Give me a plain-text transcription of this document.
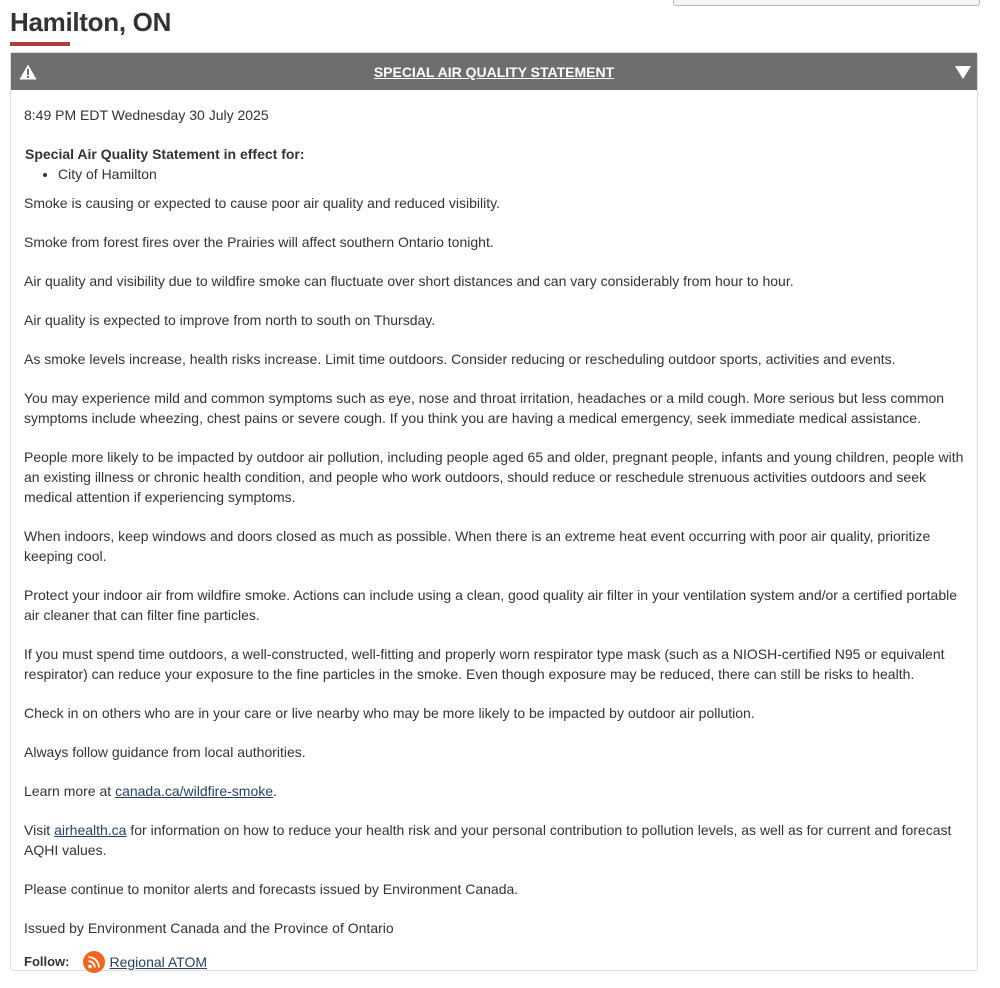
Hamilton, ON
SPECIAL AIR QUALITY STATEMENT

8:49 PM EDT Wednesday 30 July 2025

Special Air Quality Statement in effect for:
• City of Hamilton

Smoke is causing or expected to cause poor air quality and reduced visibility.

Smoke from forest fires over the Prairies will affect southern Ontario tonight.

Air quality and visibility due to wildfire smoke can fluctuate over short distances and can vary considerably from hour to hour.

Air quality is expected to improve from north to south on Thursday.

As smoke levels increase, health risks increase. Limit time outdoors. Consider reducing or rescheduling outdoor sports, activities and events.

You may experience mild and common symptoms such as eye, nose and throat irritation, headaches or a mild cough. More serious but less common symptoms include wheezing, chest pains or severe cough. If you think you are having a medical emergency, seek immediate medical assistance.

People more likely to be impacted by outdoor air pollution, including people aged 65 and older, pregnant people, infants and young children, people with an existing illness or chronic health condition, and people who work outdoors, should reduce or reschedule strenuous activities outdoors and seek medical attention if experiencing symptoms.

When indoors, keep windows and doors closed as much as possible. When there is an extreme heat event occurring with poor air quality, prioritize keeping cool.

Protect your indoor air from wildfire smoke. Actions can include using a clean, good quality air filter in your ventilation system and/or a certified portable air cleaner that can filter fine particles.

If you must spend time outdoors, a well-constructed, well-fitting and properly worn respirator type mask (such as a NIOSH-certified N95 or equivalent respirator) can reduce your exposure to the fine particles in the smoke. Even though exposure may be reduced, there can still be risks to health.

Check in on others who are in your care or live nearby who may be more likely to be impacted by outdoor air pollution.

Always follow guidance from local authorities.

Learn more at canada.ca/wildfire-smoke.

Visit airhealth.ca for information on how to reduce your health risk and your personal contribution to pollution levels, as well as for current and forecast AQHI values.

Please continue to monitor alerts and forecasts issued by Environment Canada.

Issued by Environment Canada and the Province of Ontario

Follow:	Regional ATOM
